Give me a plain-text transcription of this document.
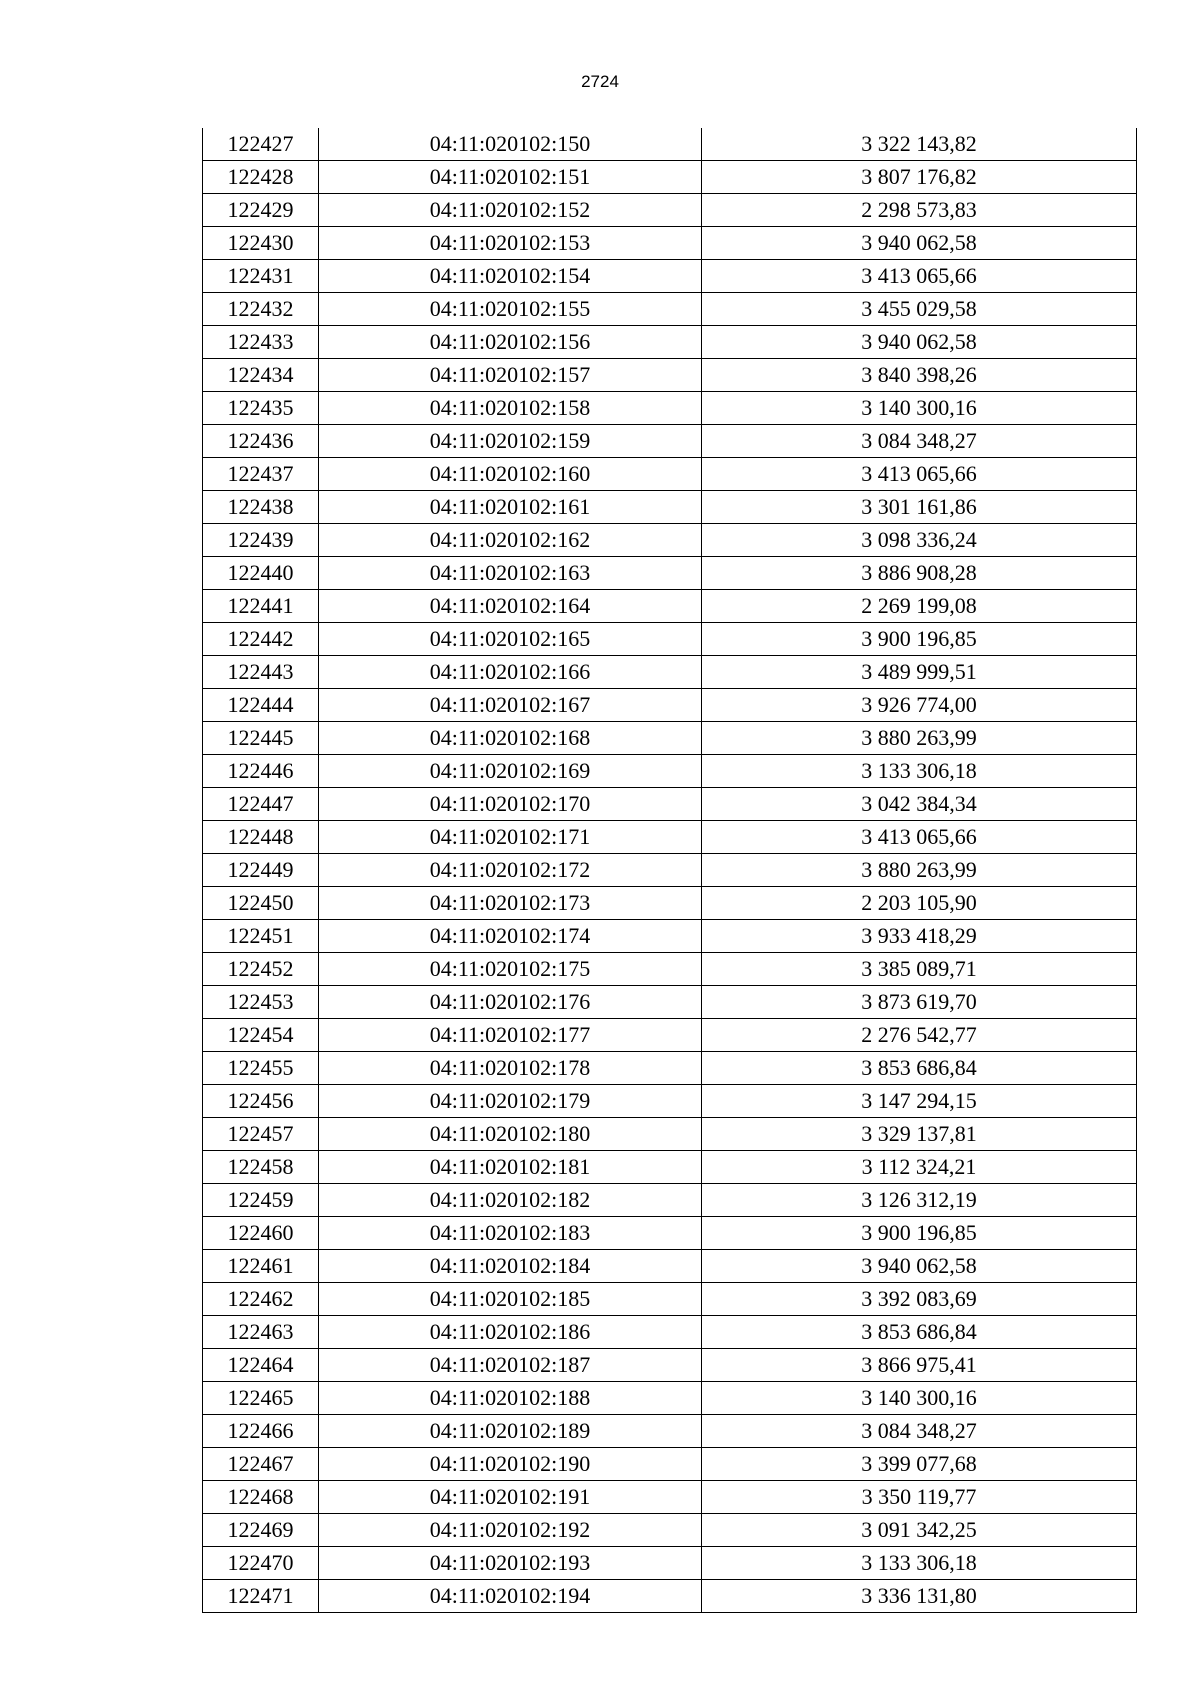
2724
122427	04:11:020102:150	3 322 143,82
122428	04:11:020102:151	3 807 176,82
122429	04:11:020102:152	2 298 573,83
122430	04:11:020102:153	3 940 062,58
122431	04:11:020102:154	3 413 065,66
122432	04:11:020102:155	3 455 029,58
122433	04:11:020102:156	3 940 062,58
122434	04:11:020102:157	3 840 398,26
122435	04:11:020102:158	3 140 300,16
122436	04:11:020102:159	3 084 348,27
122437	04:11:020102:160	3 413 065,66
122438	04:11:020102:161	3 301 161,86
122439	04:11:020102:162	3 098 336,24
122440	04:11:020102:163	3 886 908,28
122441	04:11:020102:164	2 269 199,08
122442	04:11:020102:165	3 900 196,85
122443	04:11:020102:166	3 489 999,51
122444	04:11:020102:167	3 926 774,00
122445	04:11:020102:168	3 880 263,99
122446	04:11:020102:169	3 133 306,18
122447	04:11:020102:170	3 042 384,34
122448	04:11:020102:171	3 413 065,66
122449	04:11:020102:172	3 880 263,99
122450	04:11:020102:173	2 203 105,90
122451	04:11:020102:174	3 933 418,29
122452	04:11:020102:175	3 385 089,71
122453	04:11:020102:176	3 873 619,70
122454	04:11:020102:177	2 276 542,77
122455	04:11:020102:178	3 853 686,84
122456	04:11:020102:179	3 147 294,15
122457	04:11:020102:180	3 329 137,81
122458	04:11:020102:181	3 112 324,21
122459	04:11:020102:182	3 126 312,19
122460	04:11:020102:183	3 900 196,85
122461	04:11:020102:184	3 940 062,58
122462	04:11:020102:185	3 392 083,69
122463	04:11:020102:186	3 853 686,84
122464	04:11:020102:187	3 866 975,41
122465	04:11:020102:188	3 140 300,16
122466	04:11:020102:189	3 084 348,27
122467	04:11:020102:190	3 399 077,68
122468	04:11:020102:191	3 350 119,77
122469	04:11:020102:192	3 091 342,25
122470	04:11:020102:193	3 133 306,18
122471	04:11:020102:194	3 336 131,80
